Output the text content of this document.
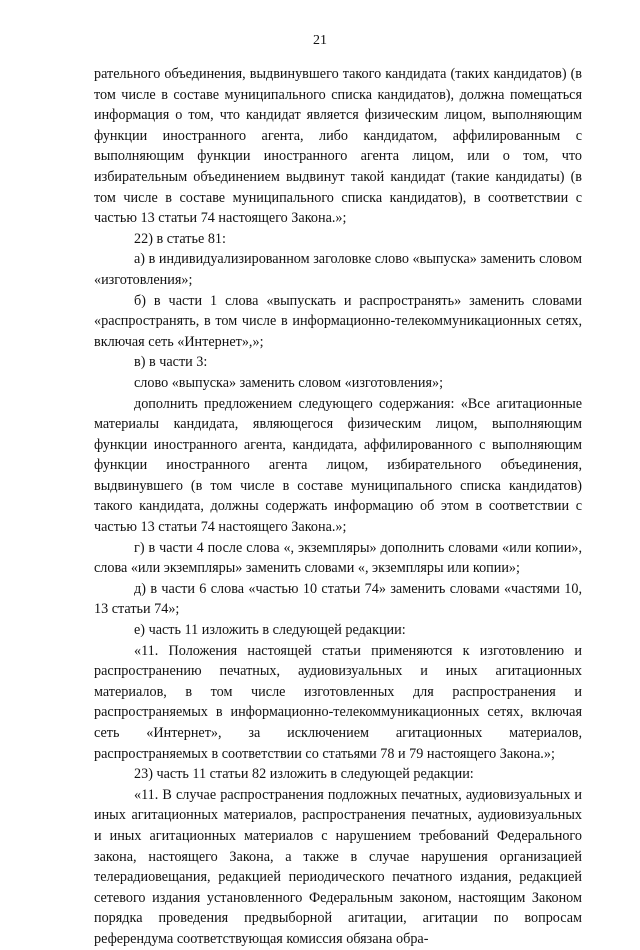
21

рательного объединения, выдвинувшего такого кандидата (таких кандидатов) (в том числе в составе муниципального списка кандидатов), должна помещаться информация о том, что кандидат является физическим лицом, выполняющим функции иностранного агента, либо кандидатом, аффилированным с выполняющим функции иностранного агента лицом, или о том, что избирательным объединением выдвинут такой кандидат (такие кандидаты) (в том числе в составе муниципального списка кандидатов), в соответствии с частью 13 статьи 74 настоящего Закона.»;

22) в статье 81:

а) в индивидуализированном заголовке слово «выпуска» заменить словом «изготовления»;

б) в части 1 слова «выпускать и распространять» заменить словами «распространять, в том числе в информационно-телекоммуникационных сетях, включая сеть «Интернет»,»;

в) в части 3:

слово «выпуска» заменить словом «изготовления»;

дополнить предложением следующего содержания: «Все агитационные материалы кандидата, являющегося физическим лицом, выполняющим функции иностранного агента, кандидата, аффилированного с выполняющим функции иностранного агента лицом, избирательного объединения, выдвинувшего (в том числе в составе муниципального списка кандидатов) такого кандидата, должны содержать информацию об этом в соответствии с частью 13 статьи 74 настоящего Закона.»;

г) в части 4 после слова «, экземпляры» дополнить словами «или копии», слова «или экземпляры» заменить словами «, экземпляры или копии»;

д) в части 6 слова «частью 10 статьи 74» заменить словами «частями 10, 13 статьи 74»;

е) часть 11 изложить в следующей редакции:

«11. Положения настоящей статьи применяются к изготовлению и распространению печатных, аудиовизуальных и иных агитационных материалов, в том числе изготовленных для распространения и распространяемых в информационно-телекоммуникационных сетях, включая сеть «Интернет», за исключением агитационных материалов, распространяемых в соответствии со статьями 78 и 79 настоящего Закона.»;

23) часть 11 статьи 82 изложить в следующей редакции:

«11. В случае распространения подложных печатных, аудиовизуальных и иных агитационных материалов, распространения печатных, аудиовизуальных и иных агитационных материалов с нарушением требований Федерального закона, настоящего Закона, а также в случае нарушения организацией телерадиовещания, редакцией периодического печатного издания, редакцией сетевого издания установленного Федеральным законом, настоящим Законом порядка проведения предвыборной агитации, агитации по вопросам референдума соответствующая комиссия обязана обра-
